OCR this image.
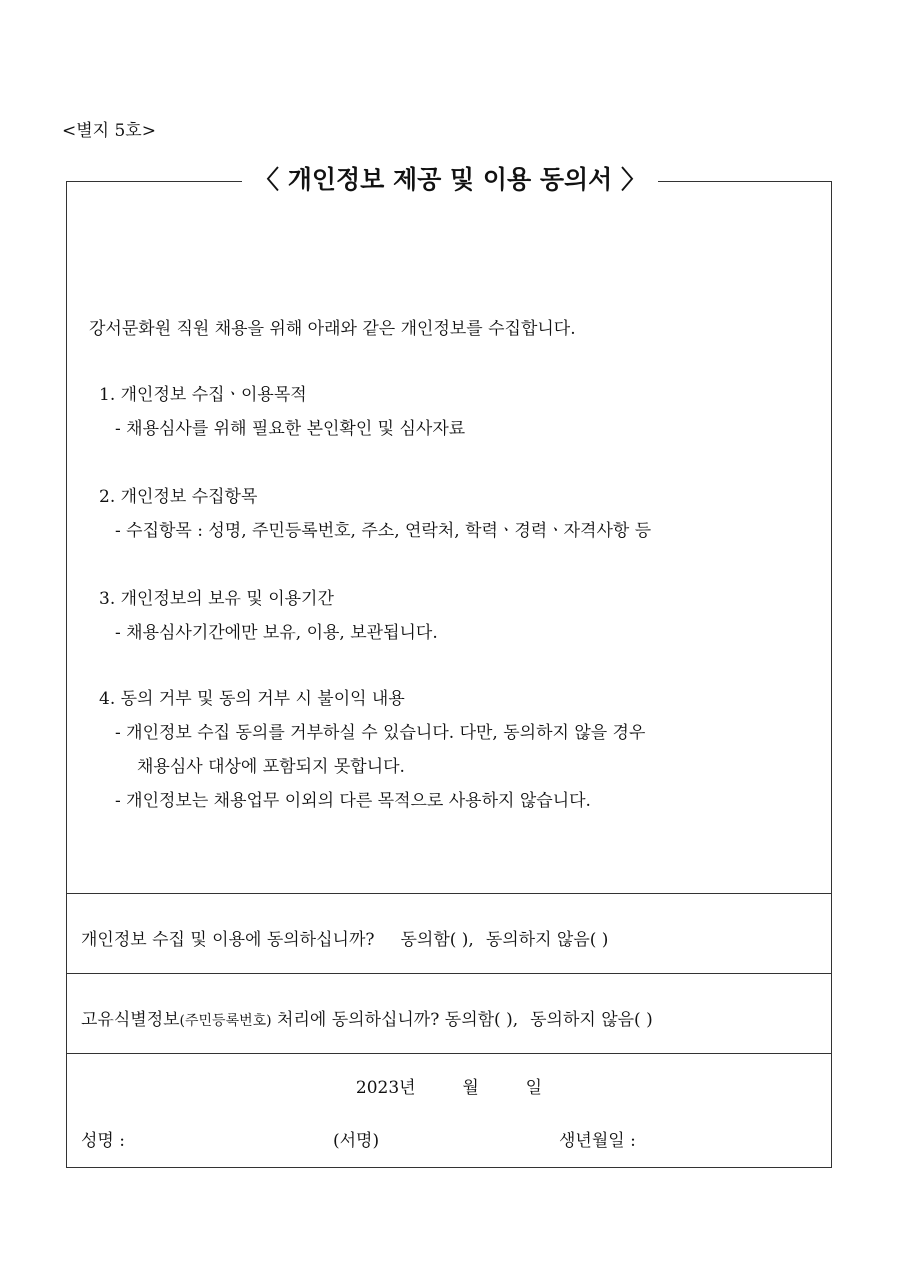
<별지 5호>
강서문화원 직원 채용을 위해 아래와 같은 개인정보를 수집합니다.

1. 개인정보 수집ㆍ이용목적

- 채용심사를 위해 필요한 본인확인 및 심사자료

2. 개인정보 수집항목

- 수집항목 : 성명, 주민등록번호, 주소, 연락처, 학력ㆍ경력ㆍ자격사항 등

3. 개인정보의 보유 및 이용기간

- 채용심사기간에만 보유, 이용, 보관됩니다.

4. 동의 거부 및 동의 거부 시 불이익 내용

- 개인정보 수집 동의를 거부하실 수 있습니다. 다만, 동의하지 않을 경우

채용심사 대상에 포함되지 못합니다.

- 개인정보는 채용업무 이외의 다른 목적으로 사용하지 않습니다.

개인정보 수집 및 이용에 동의하십니까? 동의함( ), 동의하지 않음( )
고유식별정보(주민등록번호) 처리에 동의하십니까? 동의함( ), 동의하지 않음( )
2023년	월	일
성명 :	(서명)	생년월일 :
〈 개인정보 제공 및 이용 동의서 〉
